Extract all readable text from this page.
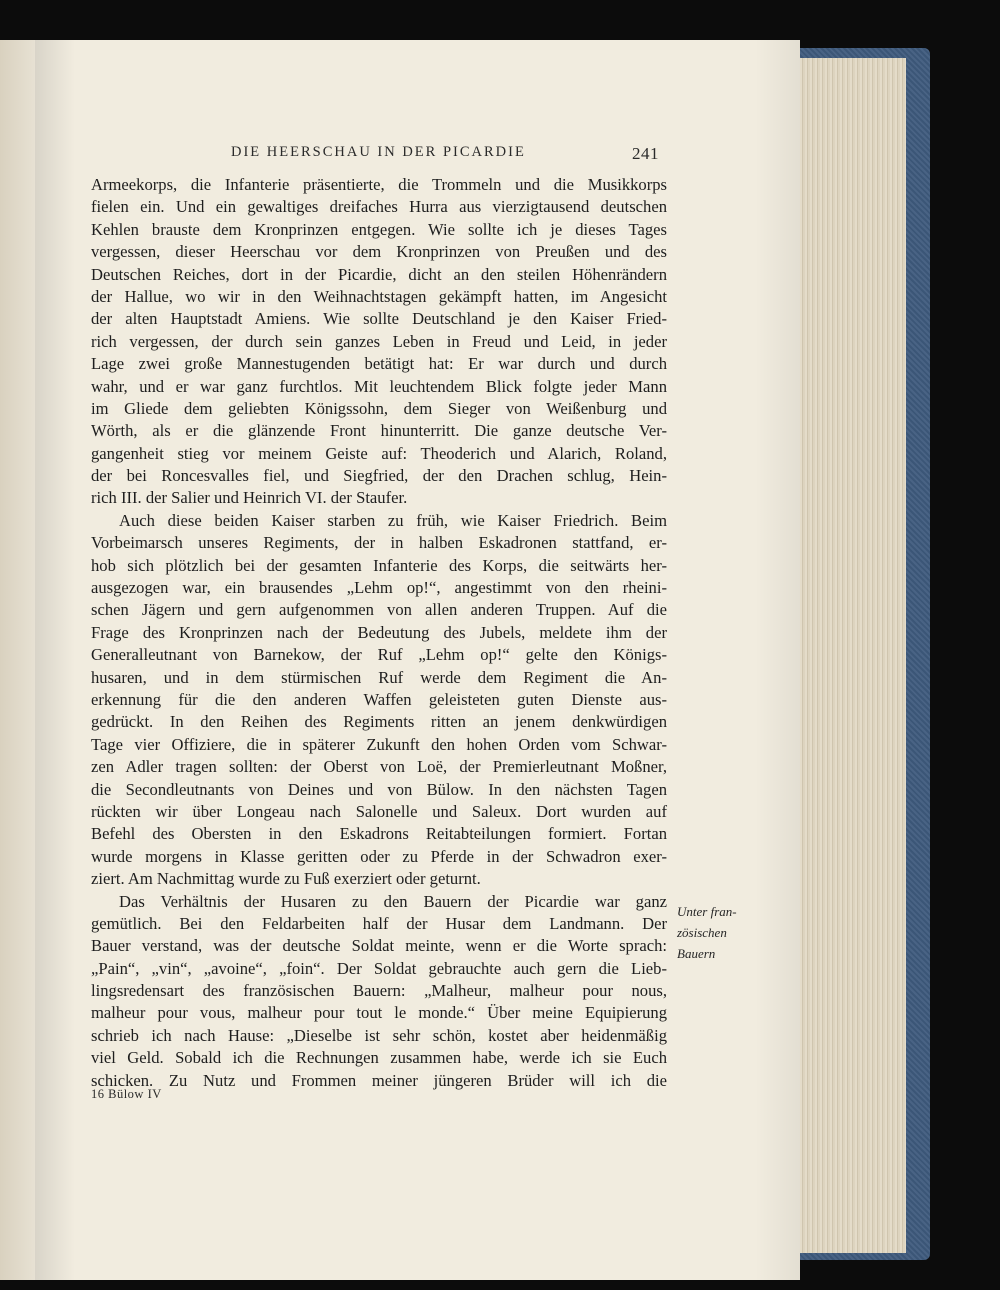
DIE HEERSCHAU IN DER PICARDIE	241
Armeekorps, die Infanterie präsentierte, die Trommeln und die Musikkorps
fielen ein. Und ein gewaltiges dreifaches Hurra aus vierzigtausend deutschen
Kehlen brauste dem Kronprinzen entgegen. Wie sollte ich je dieses Tages
vergessen, dieser Heerschau vor dem Kronprinzen von Preußen und des
Deutschen Reiches, dort in der Picardie, dicht an den steilen Höhenrändern
der Hallue, wo wir in den Weihnachtstagen gekämpft hatten, im Angesicht
der alten Hauptstadt Amiens. Wie sollte Deutschland je den Kaiser Fried-
rich vergessen, der durch sein ganzes Leben in Freud und Leid, in jeder
Lage zwei große Mannestugenden betätigt hat: Er war durch und durch
wahr, und er war ganz furchtlos. Mit leuchtendem Blick folgte jeder Mann
im Gliede dem geliebten Königssohn, dem Sieger von Weißenburg und
Wörth, als er die glänzende Front hinunterritt. Die ganze deutsche Ver-
gangenheit stieg vor meinem Geiste auf: Theoderich und Alarich, Roland,
der bei Roncesvalles fiel, und Siegfried, der den Drachen schlug, Hein-
rich III. der Salier und Heinrich VI. der Staufer.
Auch diese beiden Kaiser starben zu früh, wie Kaiser Friedrich. Beim
Vorbeimarsch unseres Regiments, der in halben Eskadronen stattfand, er-
hob sich plötzlich bei der gesamten Infanterie des Korps, die seitwärts her-
ausgezogen war, ein brausendes „Lehm op!“, angestimmt von den rheini-
schen Jägern und gern aufgenommen von allen anderen Truppen. Auf die
Frage des Kronprinzen nach der Bedeutung des Jubels, meldete ihm der
Generalleutnant von Barnekow, der Ruf „Lehm op!“ gelte den Königs-
husaren, und in dem stürmischen Ruf werde dem Regiment die An-
erkennung für die den anderen Waffen geleisteten guten Dienste aus-
gedrückt. In den Reihen des Regiments ritten an jenem denkwürdigen
Tage vier Offiziere, die in späterer Zukunft den hohen Orden vom Schwar-
zen Adler tragen sollten: der Oberst von Loë, der Premierleutnant Moßner,
die Secondleutnants von Deines und von Bülow. In den nächsten Tagen
rückten wir über Longeau nach Salonelle und Saleux. Dort wurden auf
Befehl des Obersten in den Eskadrons Reitabteilungen formiert. Fortan
wurde morgens in Klasse geritten oder zu Pferde in der Schwadron exer-
ziert. Am Nachmittag wurde zu Fuß exerziert oder geturnt.
Das Verhältnis der Husaren zu den Bauern der Picardie war ganz
gemütlich. Bei den Feldarbeiten half der Husar dem Landmann. Der
Bauer verstand, was der deutsche Soldat meinte, wenn er die Worte sprach:
„Pain“, „vin“, „avoine“, „foin“. Der Soldat gebrauchte auch gern die Lieb-
lingsredensart des französischen Bauern: „Malheur, malheur pour nous,
malheur pour vous, malheur pour tout le monde.“ Über meine Equipierung
schrieb ich nach Hause: „Dieselbe ist sehr schön, kostet aber heidenmäßig
viel Geld. Sobald ich die Rechnungen zusammen habe, werde ich sie Euch
schicken. Zu Nutz und Frommen meiner jüngeren Brüder will ich die
Unter fran-
zösischen
Bauern
16 Bülow IV
